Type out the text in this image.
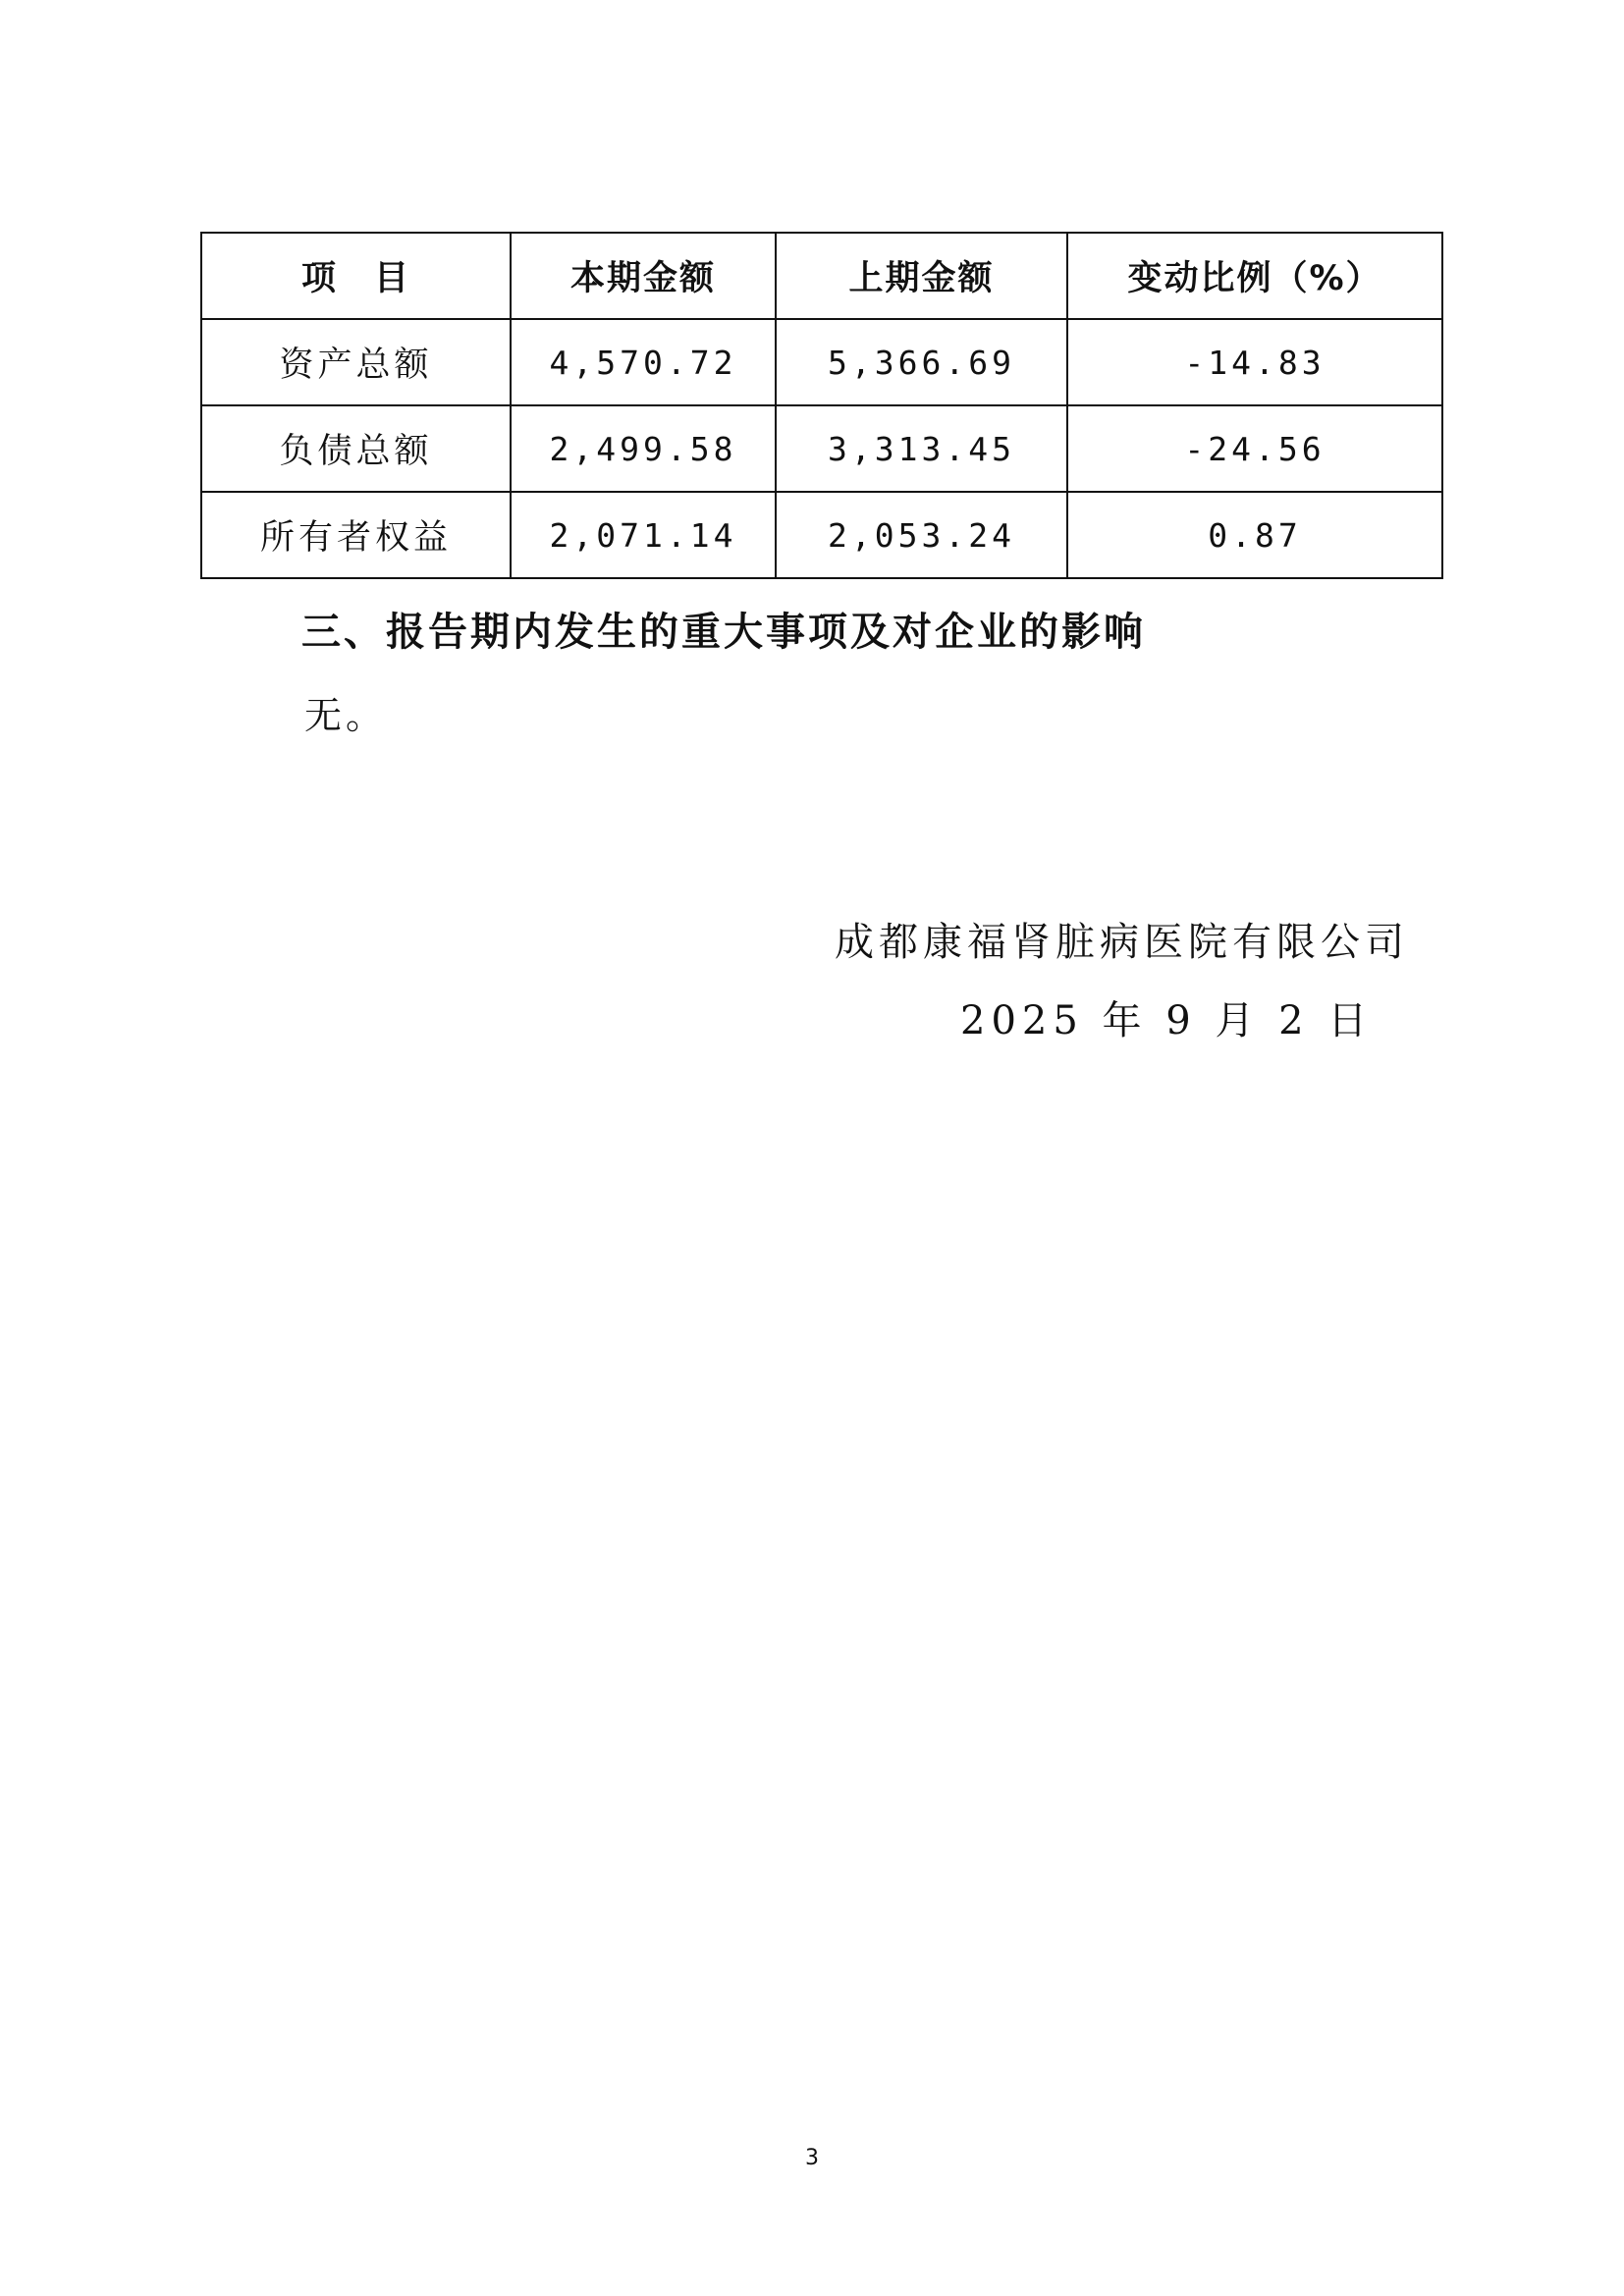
项　目	本期金额	上期金额	变动比例（%）
资产总额	4,570.72	5,366.69	-14.83
负债总额	2,499.58	3,313.45	-24.56
所有者权益	2,071.14	2,053.24	0.87
三、报告期内发生的重大事项及对企业的影响
无。
成都康福肾脏病医院有限公司
2025 年 9 月 2 日
3
